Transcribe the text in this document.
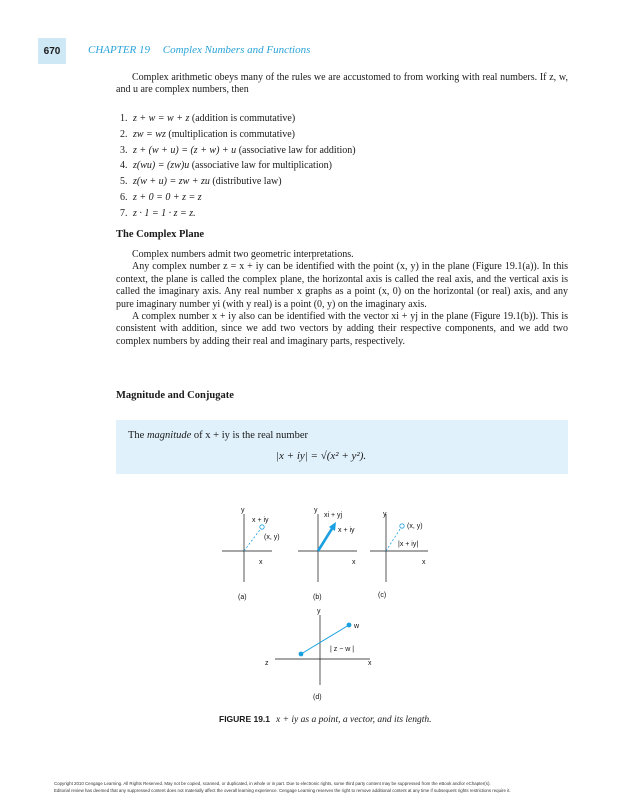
670	CHAPTER 19 Complex Numbers and Functions

Complex arithmetic obeys many of the rules we are accustomed to from working with real numbers. If z, w, and u are complex numbers, then

1. z + w = w + z (addition is commutative)
2. zw = wz (multiplication is commutative)
3. z + (w + u) = (z + w) + u (associative law for addition)
4. z(wu) = (zw)u (associative law for multiplication)
5. z(w + u) = zw + zu (distributive law)
6. z + 0 = 0 + z = z
7. z · 1 = 1 · z = z.
The Complex Plane

Complex numbers admit two geometric interpretations.

Any complex number z = x + iy can be identified with the point (x, y) in the plane (Figure 19.1(a)). In this context, the plane is called the complex plane, the horizontal axis is called the real axis, and the vertical axis is called the imaginary axis. Any real number x graphs as a point (x, 0) on the horizontal (or real) axis, and any pure imaginary number yi (with y real) is a point (0, y) on the imaginary axis.

A complex number x + iy also can be identified with the vector xi + yj in the plane (Figure 19.1(b)). This is consistent with addition, since we add two vectors by adding their respective components, and we add two complex numbers by adding their real and imaginary parts, respectively.

Magnitude and Conjugate
The magnitude of x + iy is the real number
|x + iy| = √(x² + y²).
y
x
x + iy
(x, y)
(a)
y
x
xi + yj
x + iy
(b)
y
x
(x, y)
|x + iy|
(c)
y
x
w
z
| z − w |
(d)
FIGURE 19.1 x + iy as a point, a vector, and its length.
Copyright 2010 Cengage Learning. All Rights Reserved. May not be copied, scanned, or duplicated, in whole or in part. Due to electronic rights, some third party content may be suppressed from the eBook and/or eChapter(s).
Editorial review has deemed that any suppressed content does not materially affect the overall learning experience. Cengage Learning reserves the right to remove additional content at any time if subsequent rights restrictions require it.
